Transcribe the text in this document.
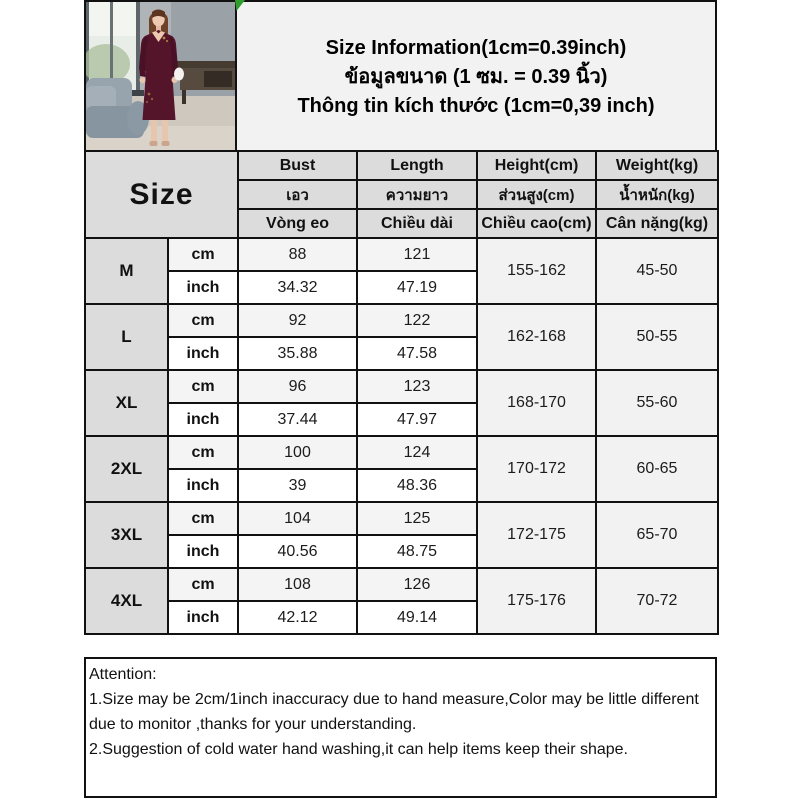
Size Information(1cm=0.39inch)
ข้อมูลขนาด (1 ซม. = 0.39 นิ้ว)
Thông tin kích thước (1cm=0,39 inch)
Size		Bust	Length	Height(cm)	Weight(kg)
		เอว	ความยาว	ส่วนสูง(cm)	น้ำหนัก(kg)
		Vòng eo	Chiều dài	Chiều cao(cm)	Cân nặng(kg)
M	cm	88	121	155-162	45-50
	inch	34.32	47.19		
L	cm	92	122	162-168	50-55
	inch	35.88	47.58		
XL	cm	96	123	168-170	55-60
	inch	37.44	47.97		
2XL	cm	100	124	170-172	60-65
	inch	39	48.36		
3XL	cm	104	125	172-175	65-70
	inch	40.56	48.75		
4XL	cm	108	126	175-176	70-72
	inch	42.12	49.14		
Attention:
1.Size may be 2cm/1inch inaccuracy due to hand measure,Color may be little different due to monitor ,thanks for your understanding.
2.Suggestion of cold water hand washing,it can help items keep their shape.
